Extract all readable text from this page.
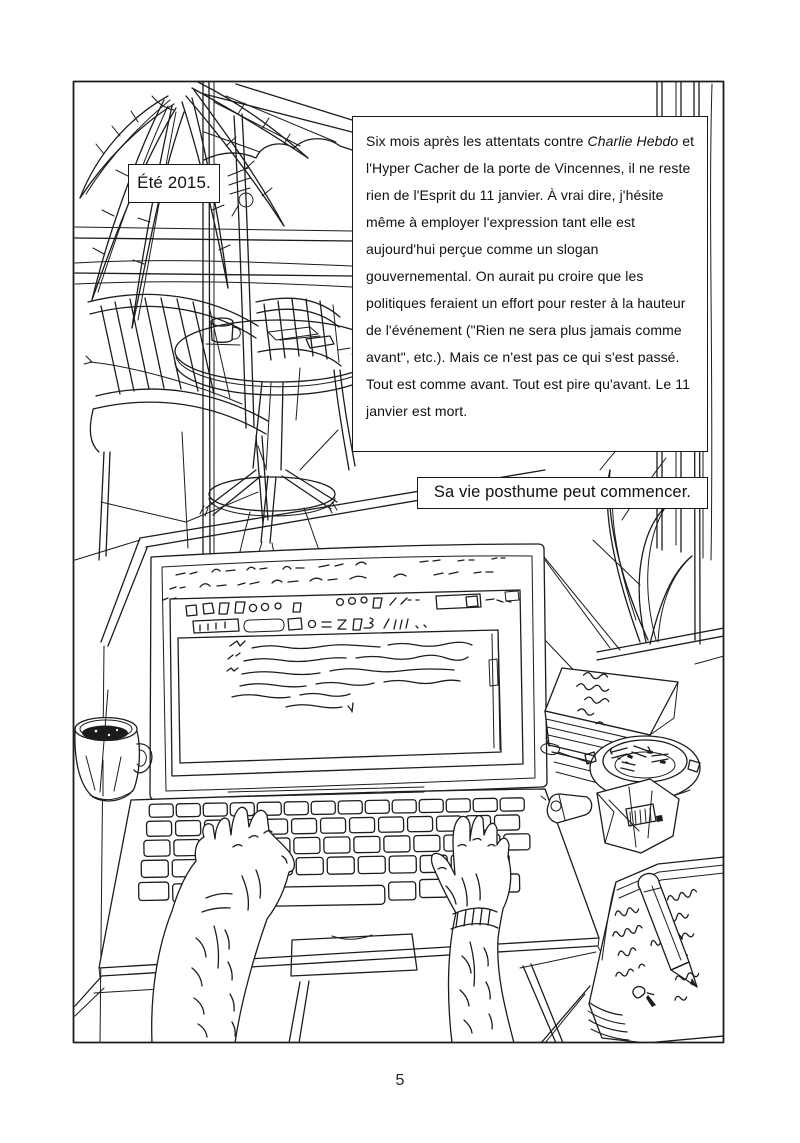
Été 2015.
Six mois après les attentats contre Charlie Hebdo et l'Hyper Cacher de la porte de Vincennes, il ne reste rien de l'Esprit du 11 janvier. À vrai dire, j'hésite même à employer l'expression tant elle est aujourd'hui perçue comme un slogan gouvernemental. On aurait pu croire que les politiques feraient un effort pour rester à la hauteur de l'événement ("Rien ne sera plus jamais comme avant", etc.). Mais ce n'est pas ce qui s'est passé. Tout est comme avant. Tout est pire qu'avant. Le 11 janvier est mort.
Sa vie posthume peut commencer.
5
